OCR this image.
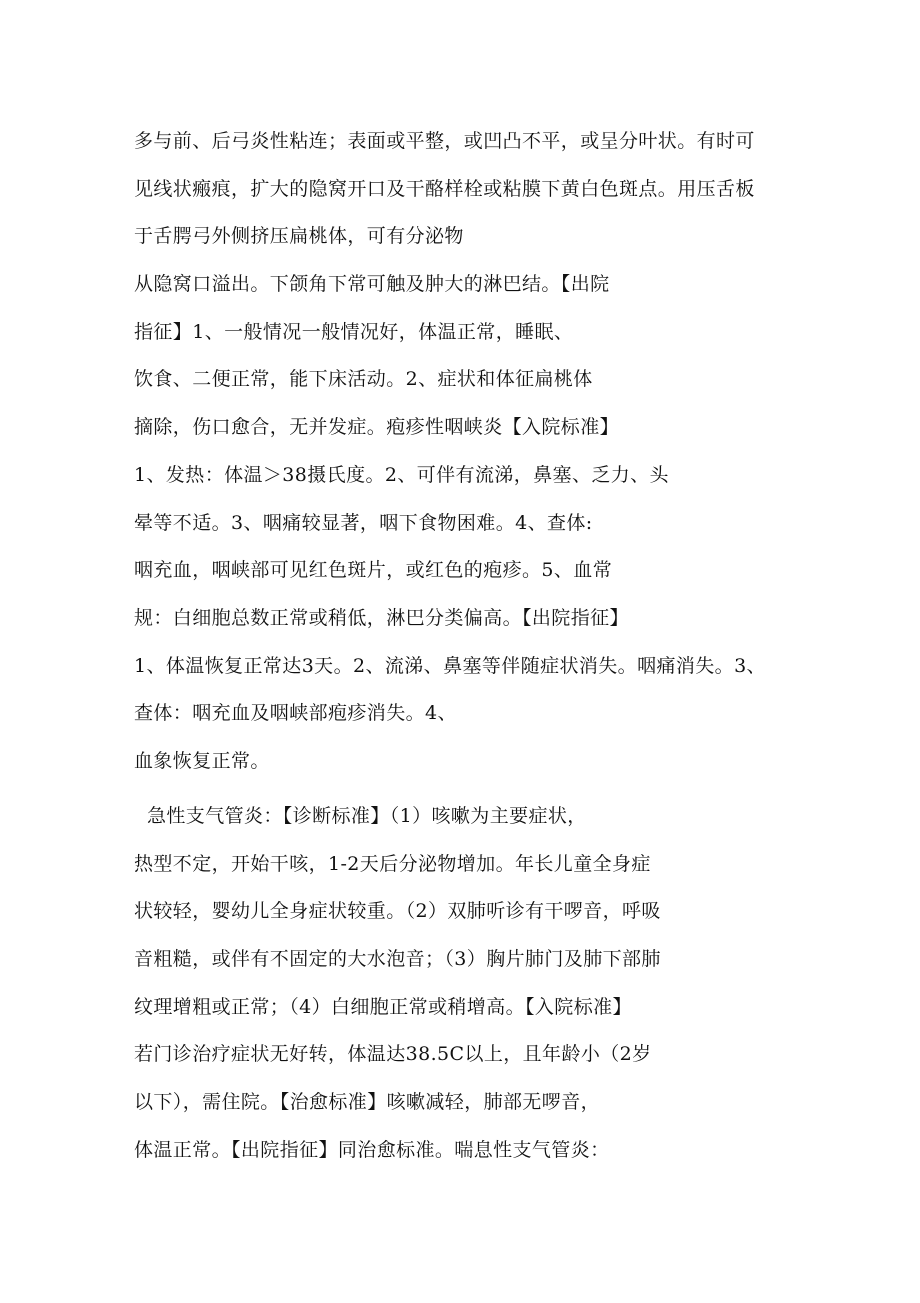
多与前、后弓炎性粘连；表面或平整，或凹凸不平，或呈分叶状。有时可
见线状瘢痕，扩大的隐窝开口及干酪样栓或粘膜下黄白色斑点。用压舌板
于舌腭弓外侧挤压扁桃体，可有分泌物
从隐窝口溢出。下颌角下常可触及肿大的淋巴结。【出院
指征】1、一般情况一般情况好，体温正常，睡眠、
饮食、二便正常，能下床活动。2、症状和体征扁桃体
摘除，伤口愈合，无并发症。疱疹性咽峡炎【入院标准】
1、发热：体温＞38摄氏度。2、可伴有流涕，鼻塞、乏力、头
晕等不适。3、咽痛较显著，咽下食物困难。4、查体:
咽充血，咽峡部可见红色斑片，或红色的疱疹。5、血常
规：白细胞总数正常或稍低，淋巴分类偏高。【出院指征】
1、体温恢复正常达3天。2、流涕、鼻塞等伴随症状消失。咽痛消失。3、
查体：咽充血及咽峡部疱疹消失。4、
血象恢复正常。
急性支气管炎：【诊断标准】（1）咳嗽为主要症状，
热型不定，开始干咳，1-2天后分泌物增加。年长儿童全身症
状较轻，婴幼儿全身症状较重。（2）双肺听诊有干啰音，呼吸
音粗糙，或伴有不固定的大水泡音；（3）胸片肺门及肺下部肺
纹理增粗或正常；（4）白细胞正常或稍增高。【入院标准】
若门诊治疗症状无好转，体温达38.5C以上，且年龄小（2岁
以下），需住院。【治愈标准】咳嗽减轻，肺部无啰音，
体温正常。【出院指征】同治愈标准。喘息性支气管炎：
